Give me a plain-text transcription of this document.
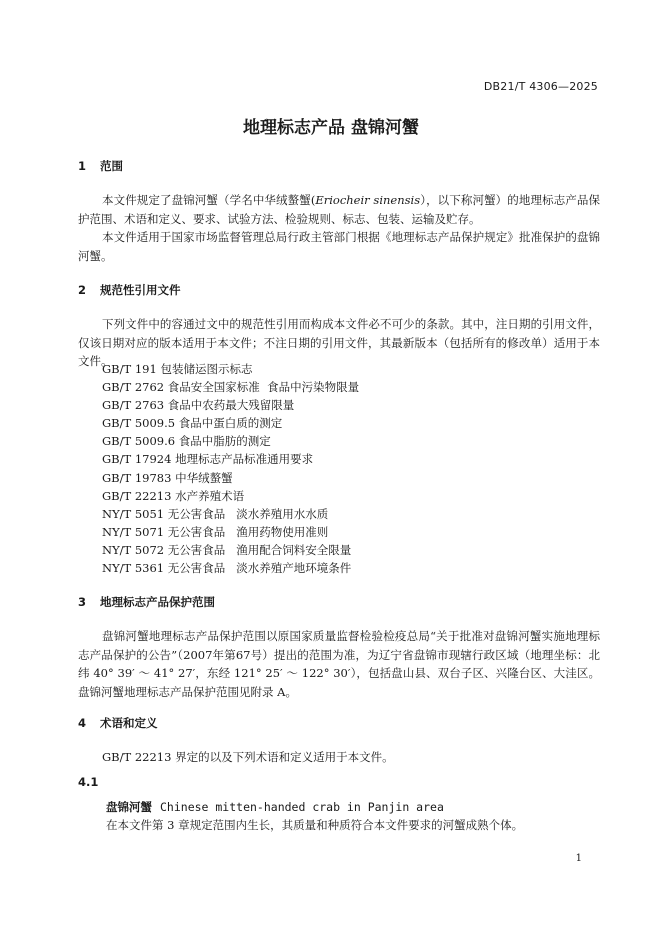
DB21/T 4306—2025
地理标志产品 盘锦河蟹
1 范围

本文件规定了盘锦河蟹（学名中华绒螯蟹(Eriocheir sinensis），以下称河蟹）的地理标志产品保护范围、术语和定义、要求、试验方法、检验规则、标志、包装、运输及贮存。

本文件适用于国家市场监督管理总局行政主管部门根据《地理标志产品保护规定》批准保护的盘锦河蟹。

2 规范性引用文件

下列文件中的容通过文中的规范性引用而构成本文件必不可少的条款。其中，注日期的引用文件，仅该日期对应的版本适用于本文件；不注日期的引用文件，其最新版本（包括所有的修改单）适用于本文件。

GB/T 191 包装储运图示标志
GB/T 2762 食品安全国家标准  食品中污染物限量
GB/T 2763 食品中农药最大残留限量
GB/T 5009.5 食品中蛋白质的测定
GB/T 5009.6 食品中脂肪的测定
GB/T 17924 地理标志产品标准通用要求
GB/T 19783 中华绒螯蟹
GB/T 22213 水产养殖术语
NY/T 5051 无公害食品   淡水养殖用水水质
NY/T 5071 无公害食品   渔用药物使用准则
NY/T 5072 无公害食品   渔用配合饲料安全限量
NY/T 5361 无公害食品   淡水养殖产地环境条件
3 地理标志产品保护范围

盘锦河蟹地理标志产品保护范围以原国家质量监督检验检疫总局“关于批准对盘锦河蟹实施地理标志产品保护的公告”（2007年第67号）提出的范围为准，为辽宁省盘锦市现辖行政区域（地理坐标：北纬 40° 39′ ～ 41° 27′，东经 121° 25′ ～ 122° 30′），包括盘山县、双台子区、兴隆台区、大洼区。盘锦河蟹地理标志产品保护范围见附录 A。

4 术语和定义

GB/T 22213 界定的以及下列术语和定义适用于本文件。

4.1
盘锦河蟹 Chinese mitten-handed crab in Panjin area
在本文件第 3 章规定范围内生长，其质量和种质符合本文件要求的河蟹成熟个体。
1
